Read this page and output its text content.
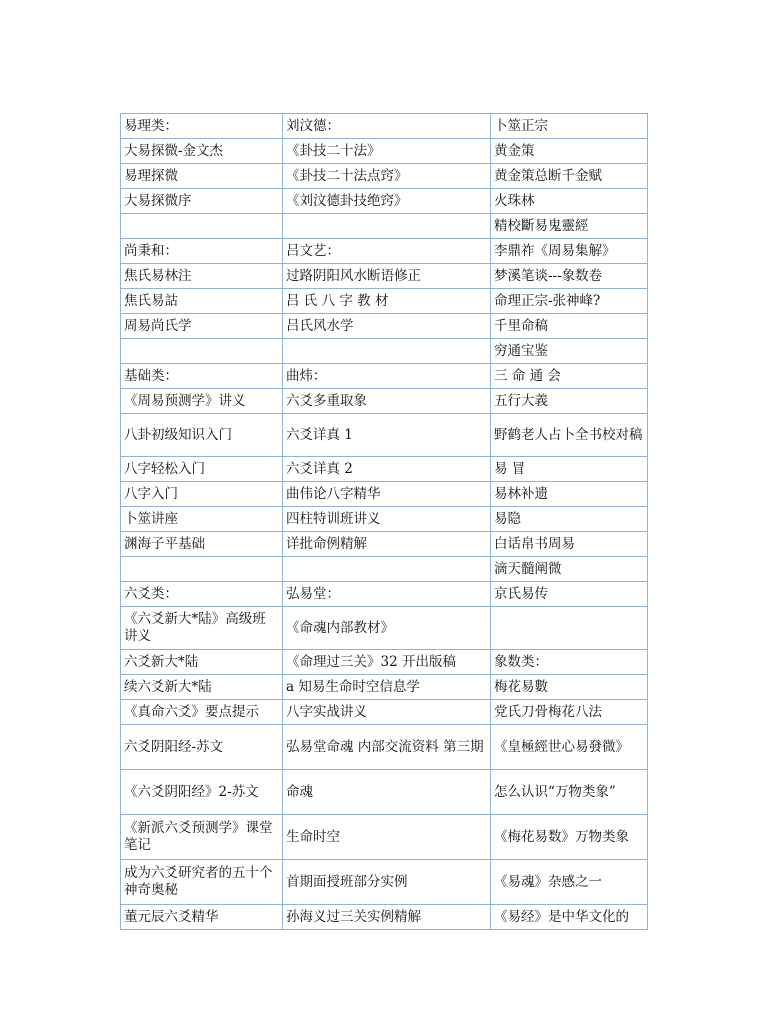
易理类：	刘汶德：	卜筮正宗
大易探微-金文杰	《卦技二十法》	黄金策
易理探微	《卦技二十法点窍》	黄金策总断千金赋
大易探微序	《刘汶德卦技绝窍》	火珠林
		精校斷易鬼靈經
尚秉和：	吕文艺：	李鼎祚《周易集解》
焦氏易林注	过路阴阳风水断语修正	梦溪笔谈---象数卷
焦氏易詁	吕 氏 八 字 教 材	命理正宗-张神峰?
周易尚氏学	吕氏风水学	千里命稿
		穷通宝鉴
基础类：	曲炜：	三 命 通 会
《周易预测学》讲义	六爻多重取象	五行大義
八卦初级知识入门	六爻详真 1	野鹤老人占卜全书校对稿
八字轻松入门	六爻详真 2	易 冒
八字入门	曲伟论八字精华	易林补遗
卜筮讲座	四柱特训班讲义	易隐
渊海子平基础	详批命例精解	白话帛书周易
		滴天髓阐微
六爻类：	弘易堂：	京氏易传
《六爻新大*陆》高级班讲义	《命魂内部教材》	
六爻新大*陆	《命理过三关》32 开出版稿	象数类：
续六爻新大*陆	a 知易生命时空信息学	梅花易數
《真命六爻》要点提示	八字实战讲义	党氏刀骨梅花八法
六爻阴阳经-苏文	弘易堂命魂 内部交流资料 第三期	《皇極經世心易發微》
《六爻阴阳经》2-苏文	命魂	怎么认识“万物类象”
《新派六爻预测学》课堂笔记	生命时空	《梅花易数》万物类象
成为六爻研究者的五十个神奇奥秘	首期面授班部分实例	《易魂》杂感之一
董元辰六爻精华	孙海义过三关实例精解	《易经》是中华文化的
